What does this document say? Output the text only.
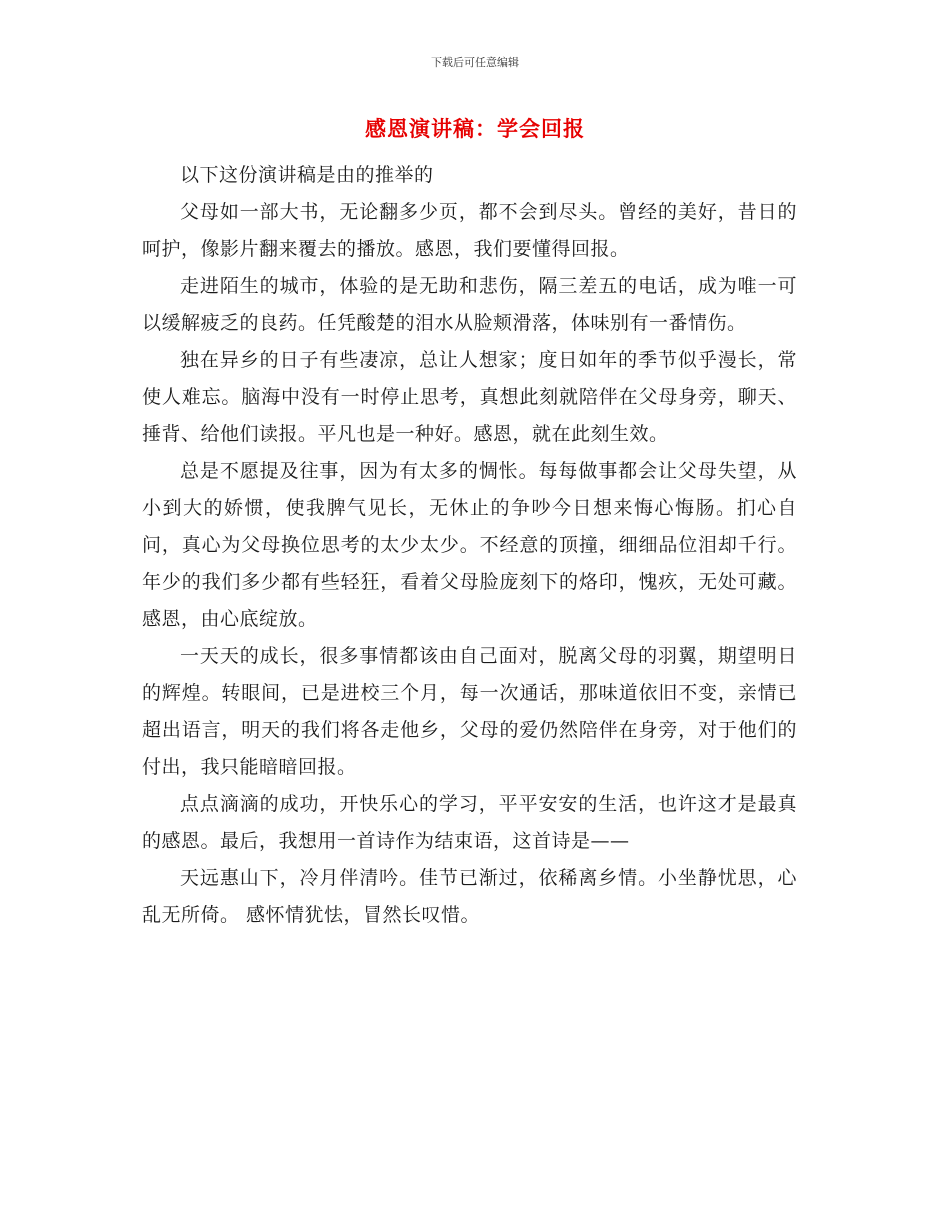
下载后可任意编辑
感恩演讲稿：学会回报

以下这份演讲稿是由的推举的

父母如一部大书，无论翻多少页，都不会到尽头。曾经的美好，昔日的呵护，像影片翻来覆去的播放。感恩，我们要懂得回报。

走进陌生的城市，体验的是无助和悲伤，隔三差五的电话，成为唯一可以缓解疲乏的良药。任凭酸楚的泪水从脸颊滑落，体味别有一番情伤。

独在异乡的日子有些凄凉，总让人想家；度日如年的季节似乎漫长，常使人难忘。脑海中没有一时停止思考，真想此刻就陪伴在父母身旁，聊天、捶背、给他们读报。平凡也是一种好。感恩，就在此刻生效。

总是不愿提及往事，因为有太多的惆怅。每每做事都会让父母失望，从小到大的娇惯，使我脾气见长，无休止的争吵今日想来悔心悔肠。扪心自问，真心为父母换位思考的太少太少。不经意的顶撞，细细品位泪却千行。年少的我们多少都有些轻狂，看着父母脸庞刻下的烙印，愧疚，无处可藏。感恩，由心底绽放。

一天天的成长，很多事情都该由自己面对，脱离父母的羽翼，期望明日的辉煌。转眼间，已是进校三个月，每一次通话，那味道依旧不变，亲情已超出语言，明天的我们将各走他乡，父母的爱仍然陪伴在身旁，对于他们的付出，我只能暗暗回报。

点点滴滴的成功，开快乐心的学习，平平安安的生活，也许这才是最真的感恩。最后，我想用一首诗作为结束语，这首诗是——

天远惠山下，冷月伴清吟。佳节已渐过，依稀离乡情。小坐静忧思，心乱无所倚。 感怀情犹怯，冒然长叹惜。
